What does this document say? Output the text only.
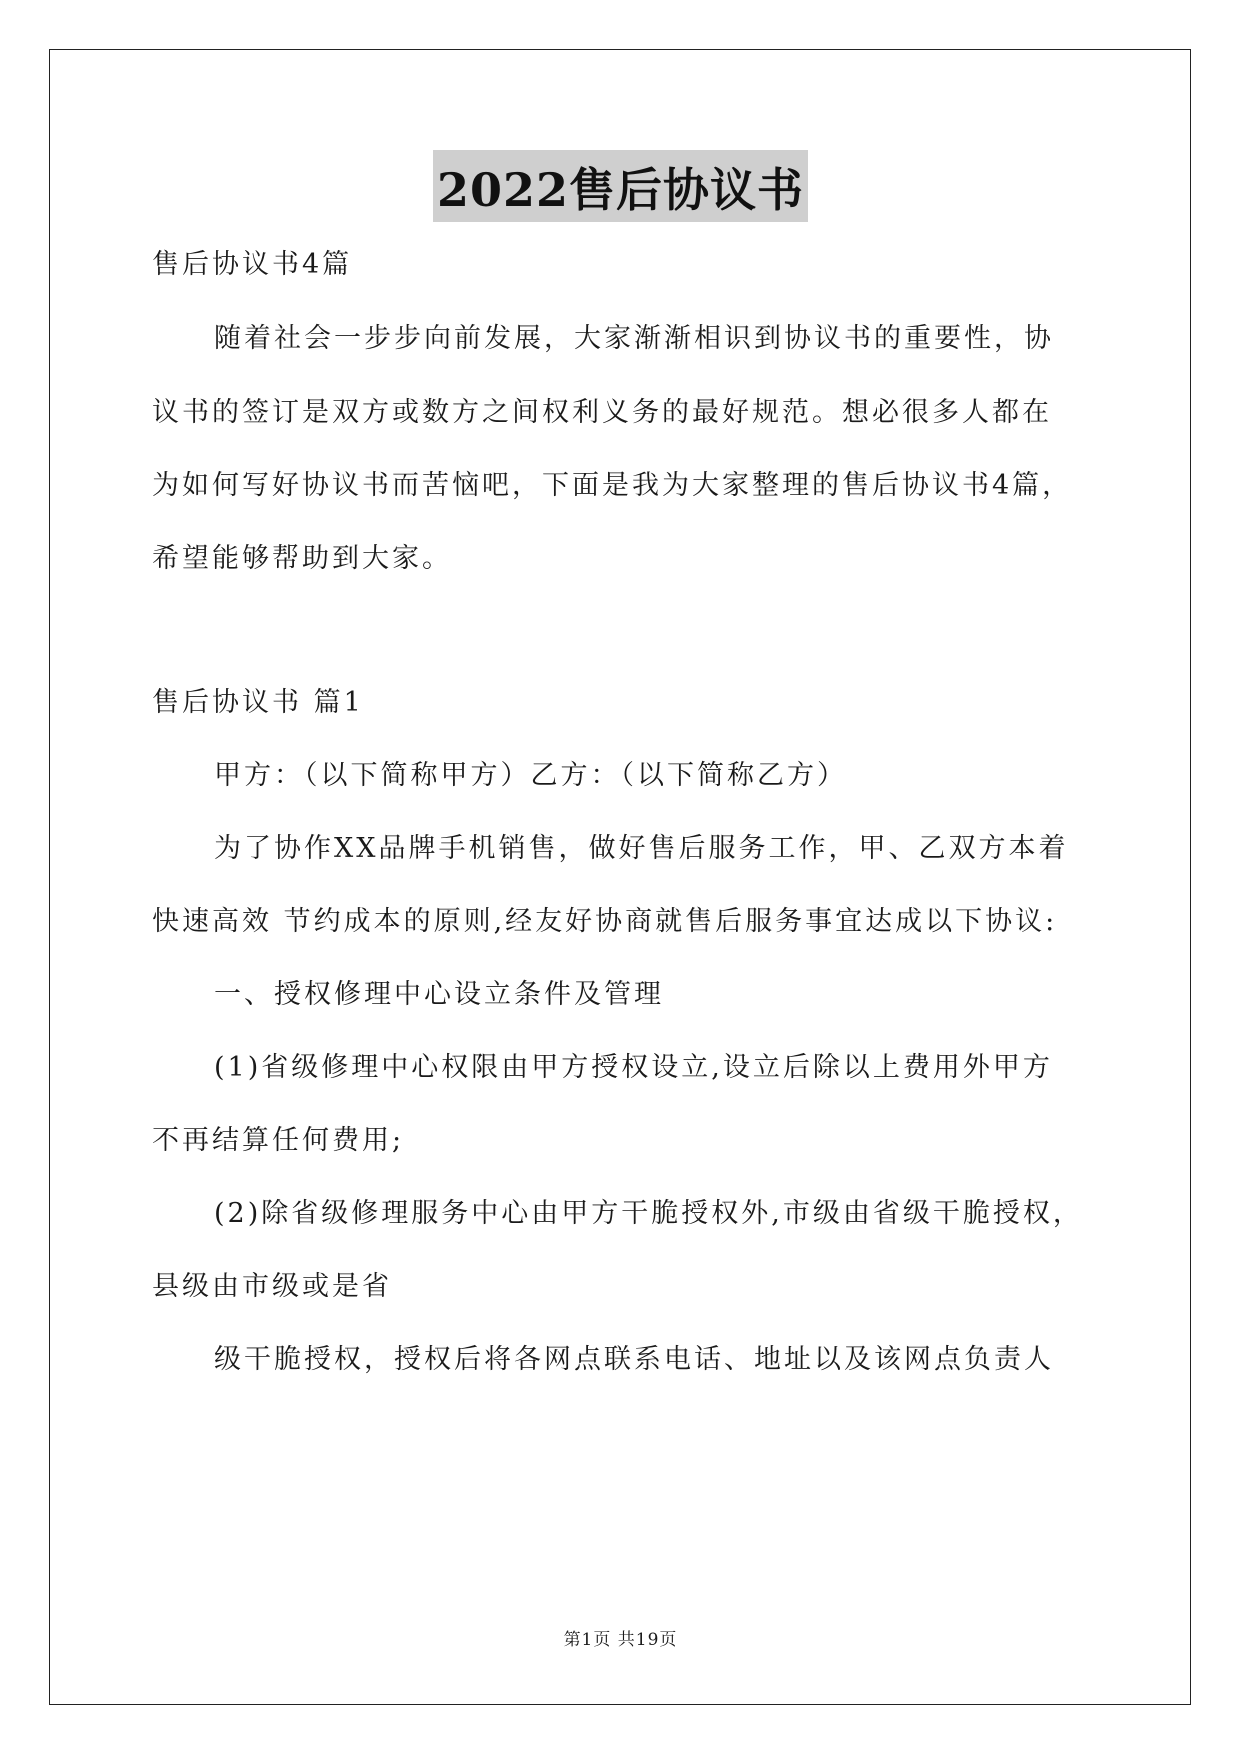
2022售后协议书
售后协议书4篇
随着社会一步步向前发展，大家渐渐相识到协议书的重要性，协
议书的签订是双方或数方之间权利义务的最好规范。想必很多人都在
为如何写好协议书而苦恼吧，下面是我为大家整理的售后协议书4篇，
希望能够帮助到大家。
售后协议书 篇1
甲方：（以下简称甲方）乙方：（以下简称乙方）
为了协作XX品牌手机销售，做好售后服务工作，甲、乙双方本着
快速高效 节约成本的原则,经友好协商就售后服务事宜达成以下协议:
一、授权修理中心设立条件及管理
(1)省级修理中心权限由甲方授权设立,设立后除以上费用外甲方
不再结算任何费用;
(2)除省级修理服务中心由甲方干脆授权外,市级由省级干脆授权，
县级由市级或是省
级干脆授权，授权后将各网点联系电话、地址以及该网点负责人
第1页 共19页
